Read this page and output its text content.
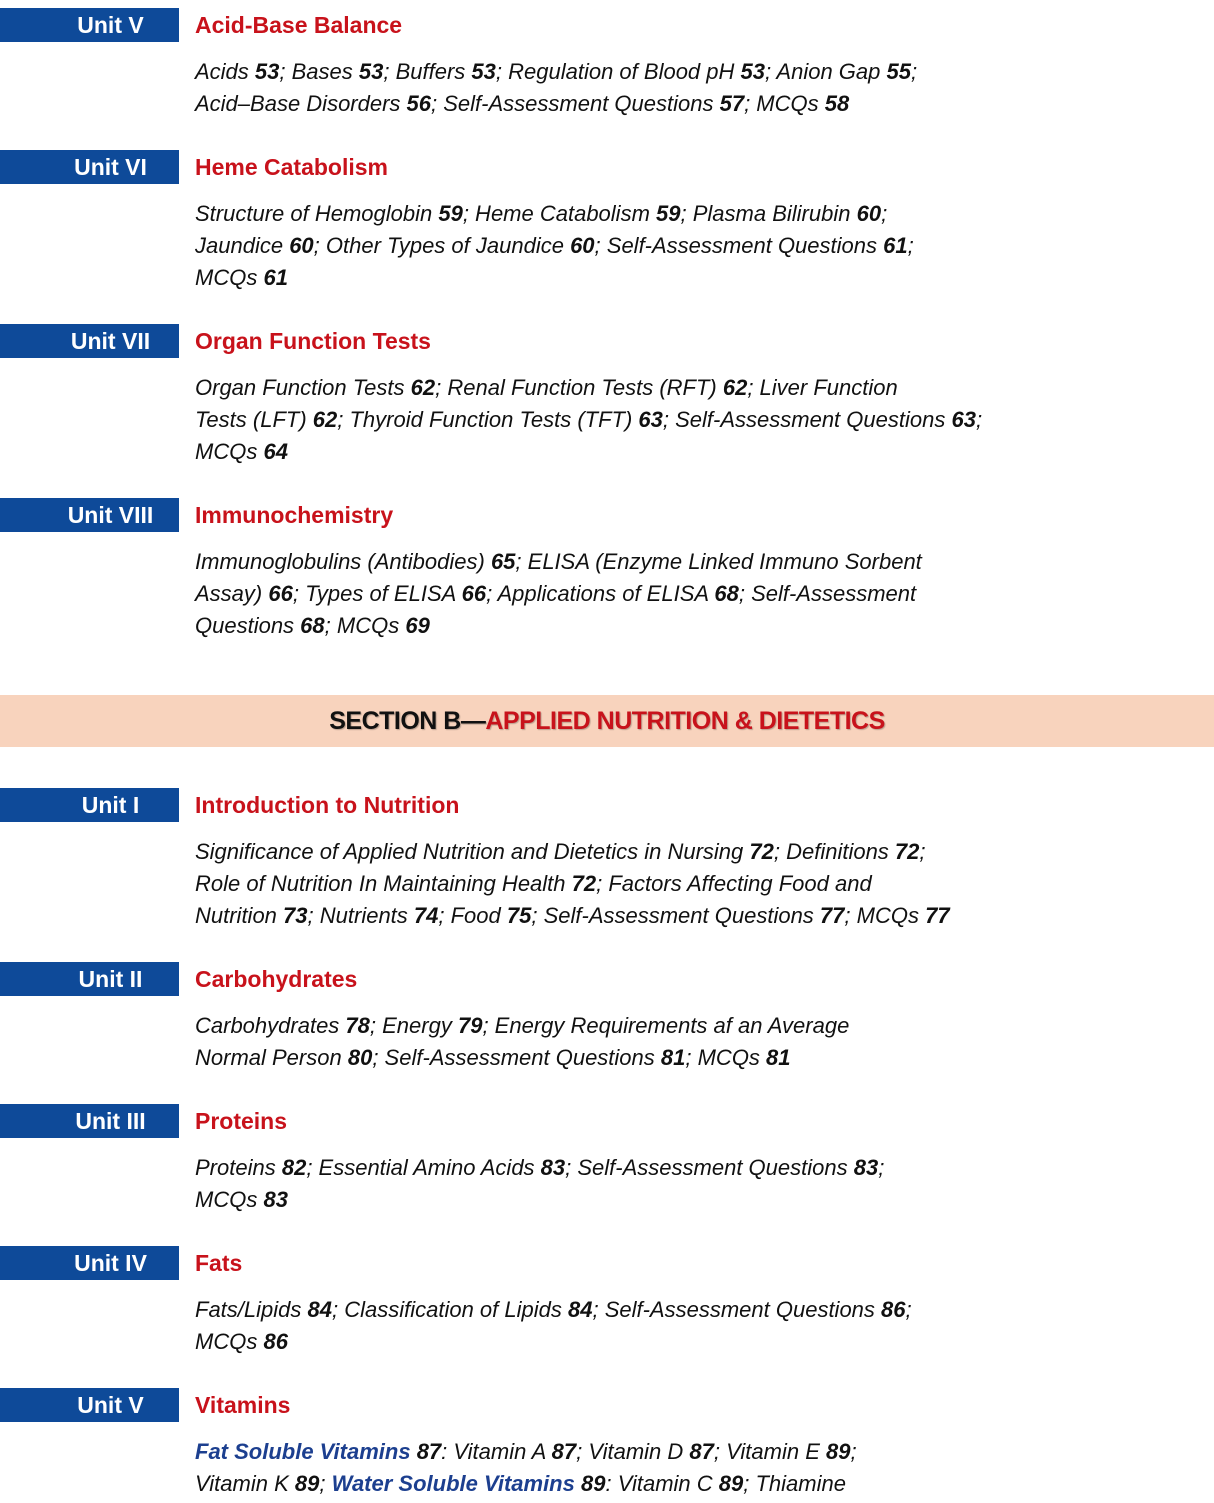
Unit V	Acid-Base Balance

Acids 53; Bases 53; Buffers 53; Regulation of Blood pH 53; Anion Gap 55;

Acid–Base Disorders 56; Self-Assessment Questions 57; MCQs 58

Unit VI	Heme Catabolism

Structure of Hemoglobin 59; Heme Catabolism 59; Plasma Bilirubin 60;

Jaundice 60; Other Types of Jaundice 60; Self-Assessment Questions 61;

MCQs 61

Unit VII	Organ Function Tests

Organ Function Tests 62; Renal Function Tests (RFT) 62; Liver Function

Tests (LFT) 62; Thyroid Function Tests (TFT) 63; Self-Assessment Questions 63;

MCQs 64

Unit VIII	Immunochemistry

Immunoglobulins (Antibodies) 65; ELISA (Enzyme Linked Immuno Sorbent

Assay) 66; Types of ELISA 66; Applications of ELISA 68; Self-Assessment

Questions 68; MCQs 69

SECTION B—APPLIED NUTRITION & DIETETICS
Unit I	Introduction to Nutrition

Significance of Applied Nutrition and Dietetics in Nursing 72; Definitions 72;

Role of Nutrition In Maintaining Health 72; Factors Affecting Food and

Nutrition 73; Nutrients 74; Food 75; Self-Assessment Questions 77; MCQs 77

Unit II	Carbohydrates

Carbohydrates 78; Energy 79; Energy Requirements af an Average

Normal Person 80; Self-Assessment Questions 81; MCQs 81

Unit III	Proteins

Proteins 82; Essential Amino Acids 83; Self-Assessment Questions 83;

MCQs 83

Unit IV	Fats

Fats/Lipids 84; Classification of Lipids 84; Self-Assessment Questions 86;

MCQs 86

Unit V	Vitamins

Fat Soluble Vitamins 87: Vitamin A 87; Vitamin D 87; Vitamin E 89;

Vitamin K 89; Water Soluble Vitamins 89: Vitamin C 89; Thiamine
